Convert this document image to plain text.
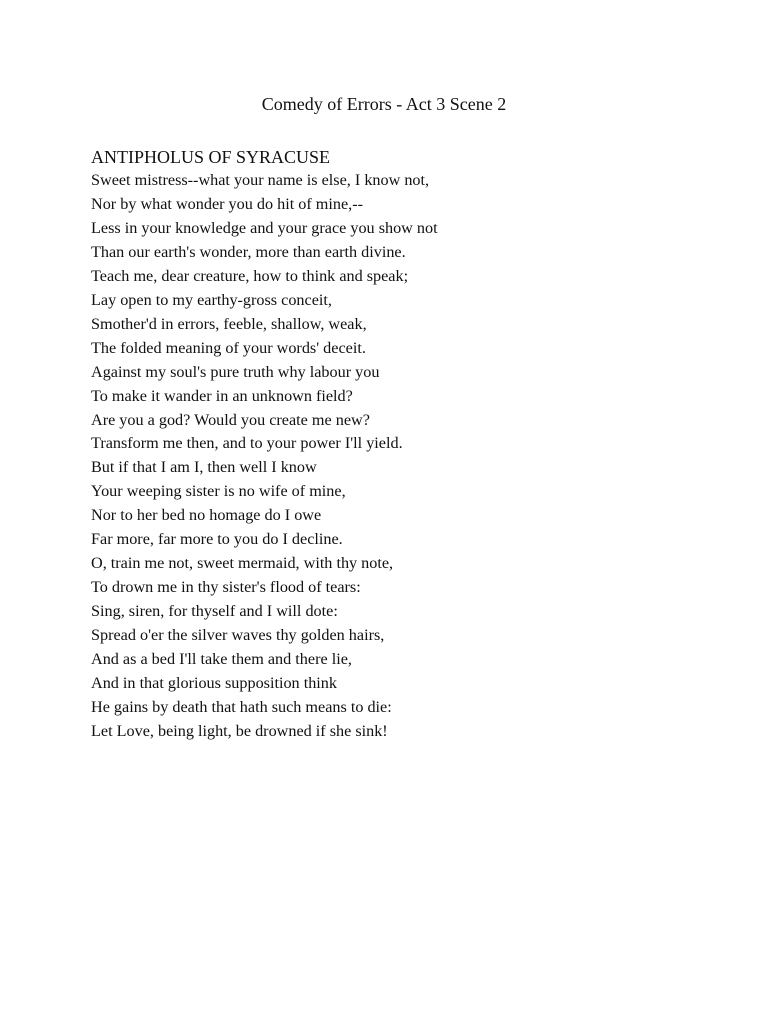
Comedy of Errors - Act 3 Scene 2
ANTIPHOLUS OF SYRACUSE
Sweet mistress--what your name is else, I know not,
Nor by what wonder you do hit of mine,--
Less in your knowledge and your grace you show not
Than our earth's wonder, more than earth divine.
Teach me, dear creature, how to think and speak;
Lay open to my earthy-gross conceit,
Smother'd in errors, feeble, shallow, weak,
The folded meaning of your words' deceit.
Against my soul's pure truth why labour you
To make it wander in an unknown field?
Are you a god? Would you create me new?
Transform me then, and to your power I'll yield.
But if that I am I, then well I know
Your weeping sister is no wife of mine,
Nor to her bed no homage do I owe
Far more, far more to you do I decline.
O, train me not, sweet mermaid, with thy note,
To drown me in thy sister's flood of tears:
Sing, siren, for thyself and I will dote:
Spread o'er the silver waves thy golden hairs,
And as a bed I'll take them and there lie,
And in that glorious supposition think
He gains by death that hath such means to die:
Let Love, being light, be drowned if she sink!
